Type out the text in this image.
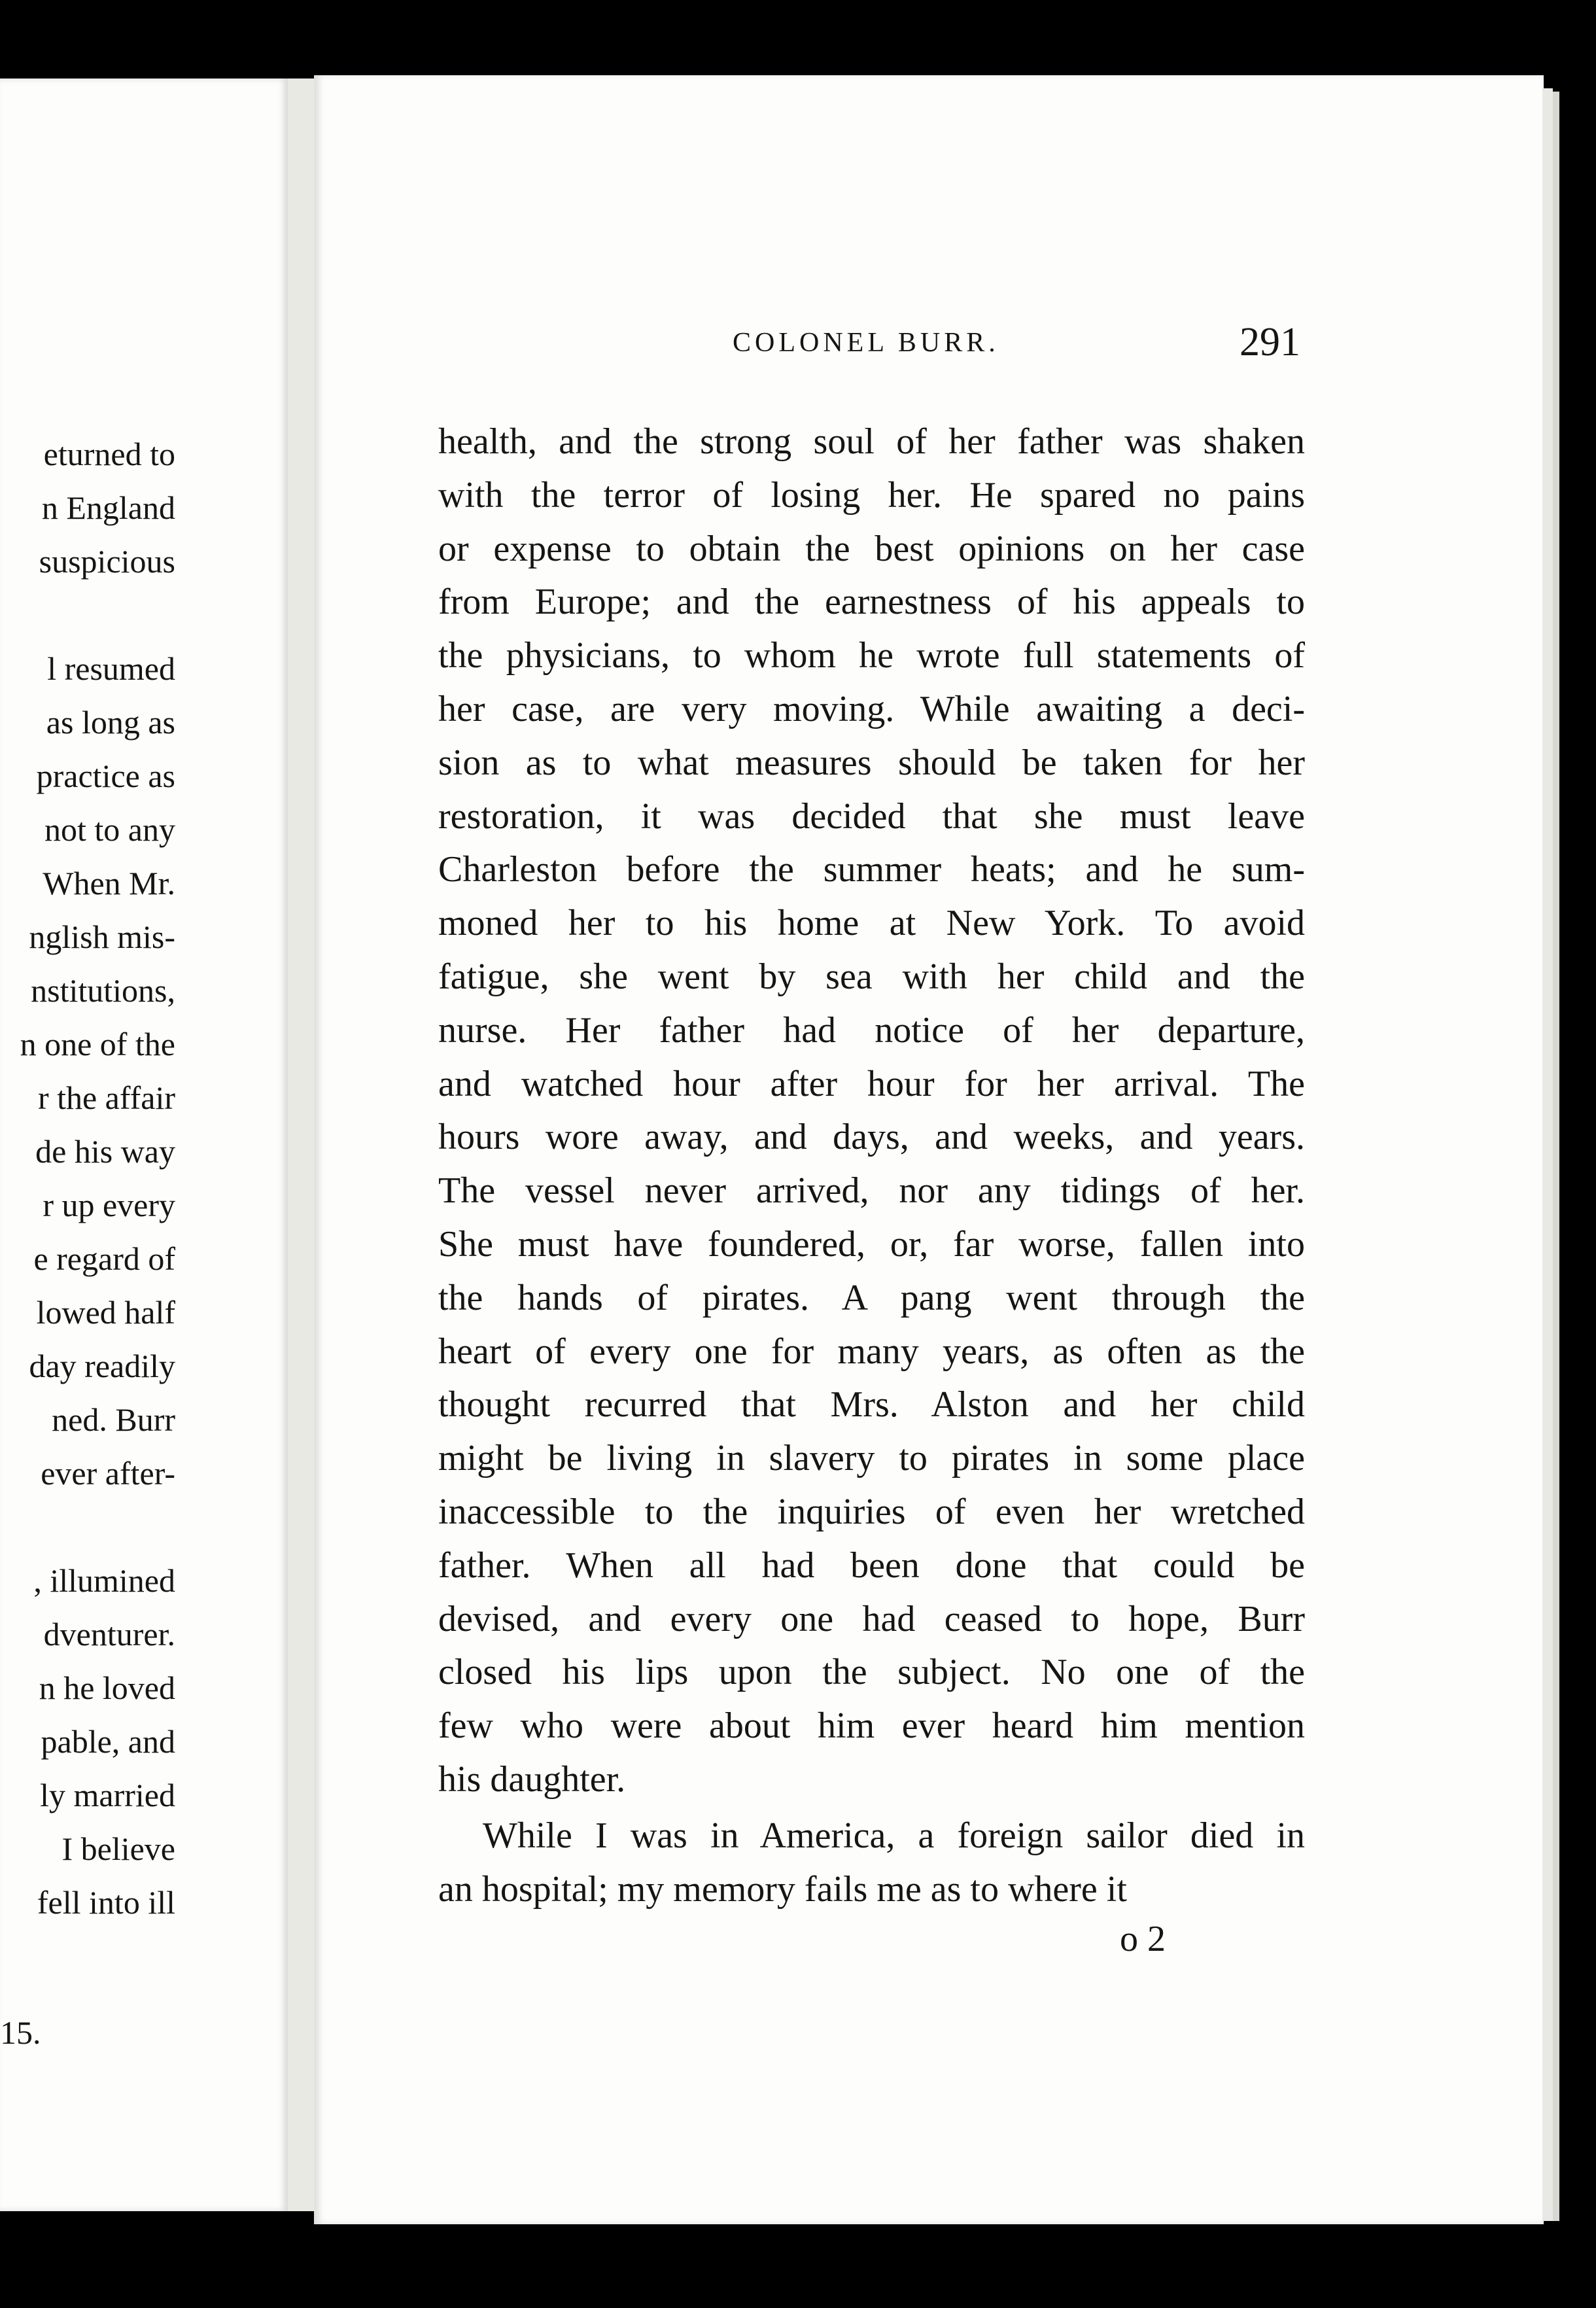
eturned to
n England
suspicious
l resumed
as long as
practice as
not to any
When Mr.
nglish mis-
nstitutions,
n one of the
r the affair
de his way
r up every
e regard of
lowed half
day readily
ned. Burr
ever after-
, illumined
dventurer.
n he loved
pable, and
ly married
I believe
fell into ill
15.
COLONEL BURR.	291
health, and the strong soul of her father was shaken
with the terror of losing her. He spared no pains
or expense to obtain the best opinions on her case
from Europe; and the earnestness of his appeals to
the physicians, to whom he wrote full statements of
her case, are very moving. While awaiting a deci-
sion as to what measures should be taken for her
restoration, it was decided that she must leave
Charleston before the summer heats; and he sum-
moned her to his home at New York. To avoid
fatigue, she went by sea with her child and the
nurse. Her father had notice of her departure,
and watched hour after hour for her arrival. The
hours wore away, and days, and weeks, and years.
The vessel never arrived, nor any tidings of her.
She must have foundered, or, far worse, fallen into
the hands of pirates. A pang went through the
heart of every one for many years, as often as the
thought recurred that Mrs. Alston and her child
might be living in slavery to pirates in some place
inaccessible to the inquiries of even her wretched
father. When all had been done that could be
devised, and every one had ceased to hope, Burr
closed his lips upon the subject. No one of the
few who were about him ever heard him mention
his daughter.
While I was in America, a foreign sailor died in
an hospital; my memory fails me as to where it
o 2
